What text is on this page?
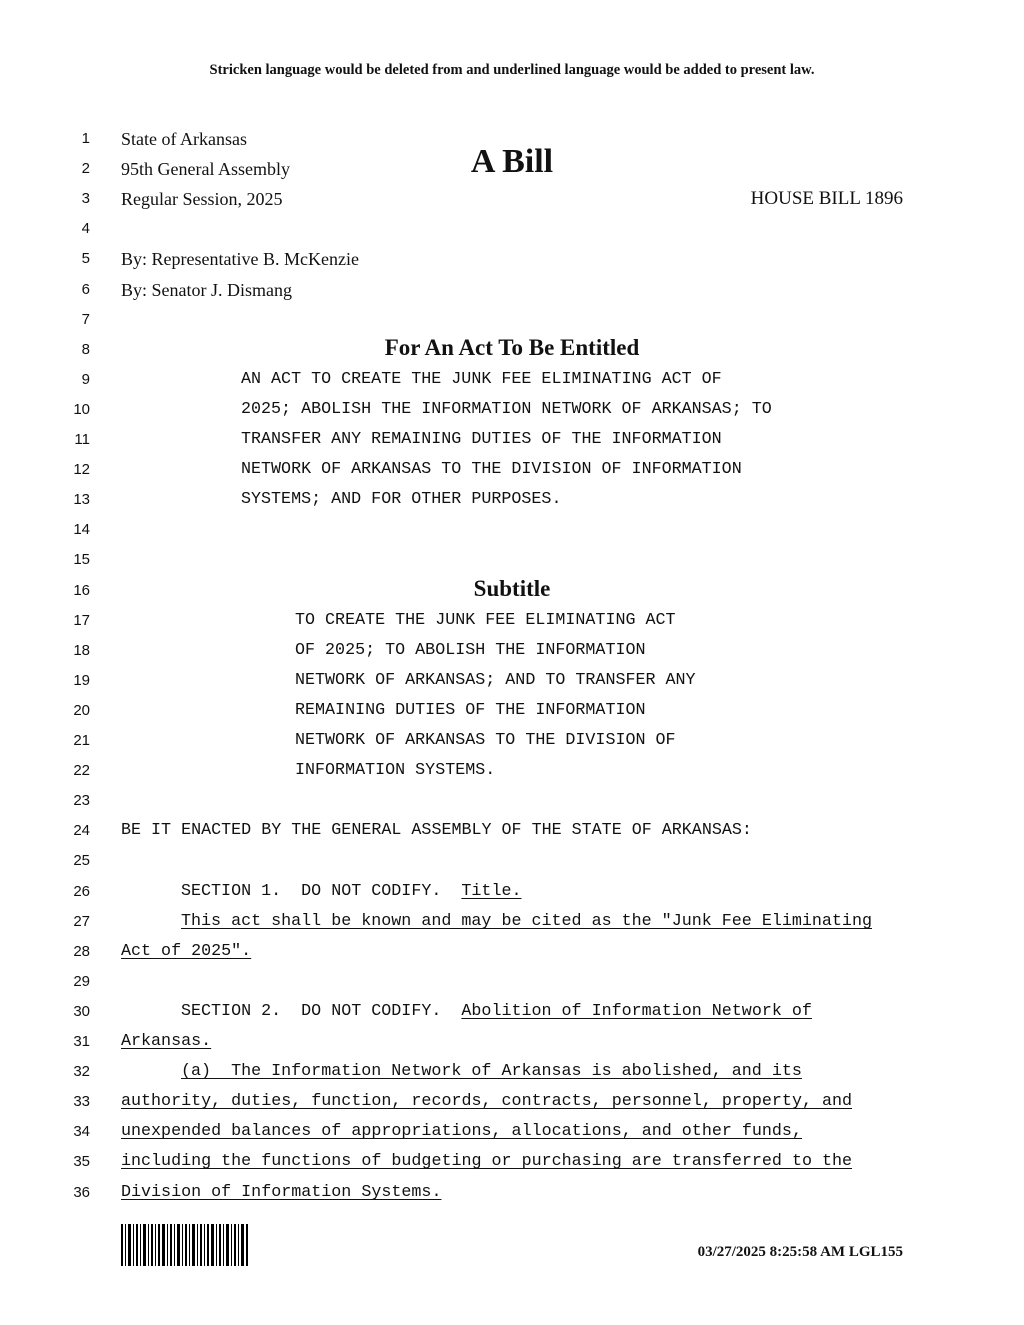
Stricken language would be deleted from and underlined language would be added to present law.
1
2
3
4
5
6
7
8
9
10
11
12
13
14
15
16
17
18
19
20
21
22
23
24
25
26
27
28
29
30
31
32
33
34
35
36
State of Arkansas
95th General Assembly
Regular Session, 2025
A Bill
HOUSE BILL 1896
By: Representative B. McKenzie
By: Senator J. Dismang
For An Act To Be Entitled
AN ACT TO CREATE THE JUNK FEE ELIMINATING ACT OF
2025; ABOLISH THE INFORMATION NETWORK OF ARKANSAS; TO
TRANSFER ANY REMAINING DUTIES OF THE INFORMATION
NETWORK OF ARKANSAS TO THE DIVISION OF INFORMATION
SYSTEMS; AND FOR OTHER PURPOSES.
Subtitle
TO CREATE THE JUNK FEE ELIMINATING ACT
OF 2025; TO ABOLISH THE INFORMATION
NETWORK OF ARKANSAS; AND TO TRANSFER ANY
REMAINING DUTIES OF THE INFORMATION
NETWORK OF ARKANSAS TO THE DIVISION OF
INFORMATION SYSTEMS.
BE IT ENACTED BY THE GENERAL ASSEMBLY OF THE STATE OF ARKANSAS:
SECTION 1.  DO NOT CODIFY.  Title.
This act shall be known and may be cited as the "Junk Fee Eliminating
Act of 2025".
SECTION 2.  DO NOT CODIFY.  Abolition of Information Network of
Arkansas.
(a)  The Information Network of Arkansas is abolished, and its
authority, duties, function, records, contracts, personnel, property, and
unexpended balances of appropriations, allocations, and other funds,
including the functions of budgeting or purchasing are transferred to the
Division of Information Systems.
03/27/2025 8:25:58 AM LGL155
